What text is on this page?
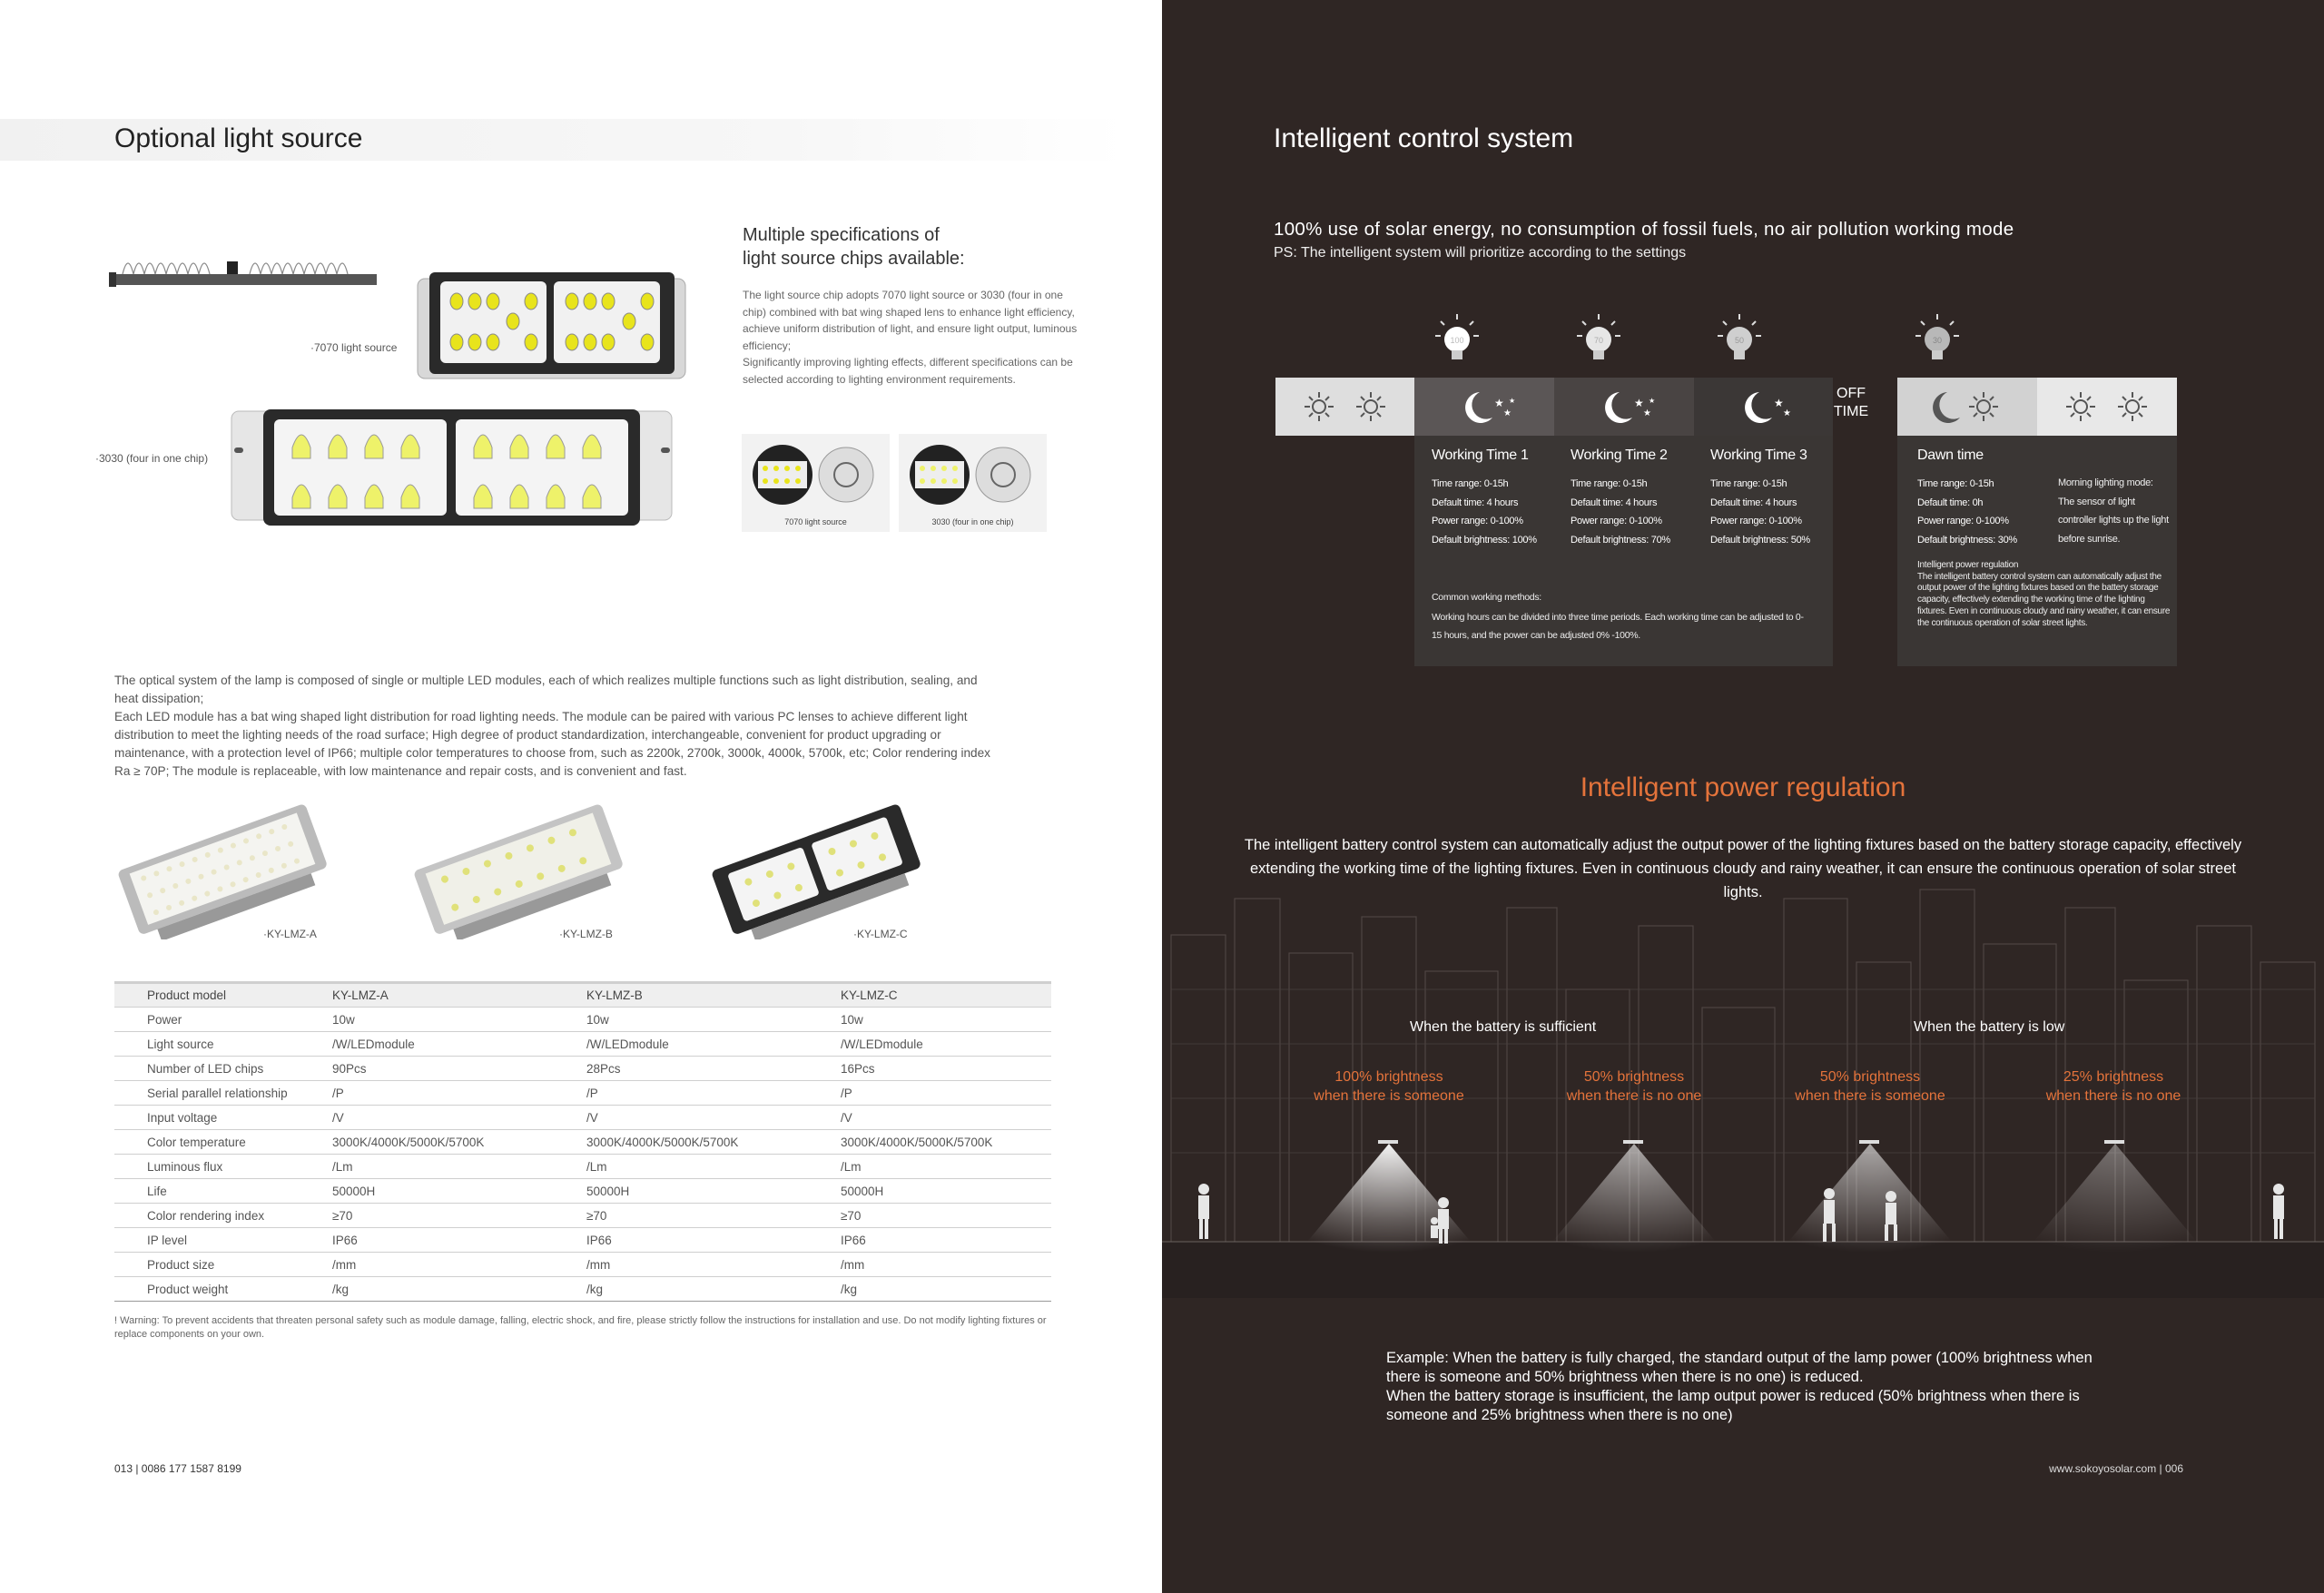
Optional light source
·7070 light source
·3030 (four in one chip)
Multiple specifications of
light source chips available:
The light source chip adopts 7070 light source or 3030 (four in one chip) combined with bat wing shaped lens to enhance light efficiency, achieve uniform distribution of light, and ensure light output, luminous efficiency;
Significantly improving lighting effects, different specifications can be selected according to lighting environment requirements.
7070 light source	3030 (four in one chip)
The optical system of the lamp is composed of single or multiple LED modules, each of which realizes multiple functions such as light distribution, sealing, and heat dissipation;
Each LED module has a bat wing shaped light distribution for road lighting needs. The module can be paired with various PC lenses to achieve different light distribution to meet the lighting needs of the road surface; High degree of product standardization, interchangeable, convenient for product upgrading or maintenance, with a protection level of IP66; multiple color temperatures to choose from, such as 2200k, 2700k, 3000k, 4000k, 5700k, etc; Color rendering index Ra ≥ 70P; The module is replaceable, with low maintenance and repair costs, and is convenient and fast.
·KY-LMZ-A	·KY-LMZ-B	·KY-LMZ-C
Product model	KY-LMZ-A	KY-LMZ-B	KY-LMZ-C
Power	10w	10w	10w
Light source	/W/LEDmodule	/W/LEDmodule	/W/LEDmodule
Number of LED chips	90Pcs	28Pcs	16Pcs
Serial parallel relationship	/P	/P	/P
Input voltage	/V	/V	/V
Color temperature	3000K/4000K/5000K/5700K	3000K/4000K/5000K/5700K	3000K/4000K/5000K/5700K
Luminous flux	/Lm	/Lm	/Lm
Life	50000H	50000H	50000H
Color rendering index	≥70	≥70	≥70
IP level	IP66	IP66	IP66
Product size	/mm	/mm	/mm
Product weight	/kg	/kg	/kg
! Warning: To prevent accidents that threaten personal safety such as module damage, falling, electric shock, and fire, please strictly follow the instructions for installation and use. Do not modify lighting fixtures or replace components on your own.
013 | 0086 177 1587 8199
Intelligent control system
100% use of solar energy, no consumption of fossil fuels, no air pollution working mode
PS: The intelligent system will prioritize according to the settings
100	70	50	30
★
★
★	★
★
★	★
★
OFF
TIME
Working Time 1
Time range: 0-15h
Default time: 4 hours
Power range: 0-100%
Default brightness: 100%
Working Time 2
Time range: 0-15h
Default time: 4 hours
Power range: 0-100%
Default brightness: 70%
Working Time 3
Time range: 0-15h
Default time: 4 hours
Power range: 0-100%
Default brightness: 50%
Common working methods:
Working hours can be divided into three time periods. Each working time can be adjusted to 0-15 hours, and the power can be adjusted 0% -100%.
Dawn time
Time range: 0-15h
Default time: 0h
Power range: 0-100%
Default brightness: 30%
Morning lighting mode: The sensor of light controller lights up the light before sunrise.
Intelligent power regulation
The intelligent battery control system can automatically adjust the output power of the lighting fixtures based on the battery storage capacity, effectively extending the working time of the lighting fixtures. Even in continuous cloudy and rainy weather, it can ensure the continuous operation of solar street lights.
Intelligent power regulation
The intelligent battery control system can automatically adjust the output power of the lighting fixtures based on the battery storage capacity, effectively extending the working time of the lighting fixtures. Even in continuous cloudy and rainy weather, it can ensure the continuous operation of solar street lights.
When the battery is sufficient	When the battery is low
100% brightness
when there is someone
50% brightness
when there is no one
50% brightness
when there is someone
25% brightness
when there is no one
Example: When the battery is fully charged, the standard output of the lamp power (100% brightness when there is someone and 50% brightness when there is no one) is reduced.
When the battery storage is insufficient, the lamp output power is reduced (50% brightness when there is someone and 25% brightness when there is no one)
www.sokoyosolar.com | 006
